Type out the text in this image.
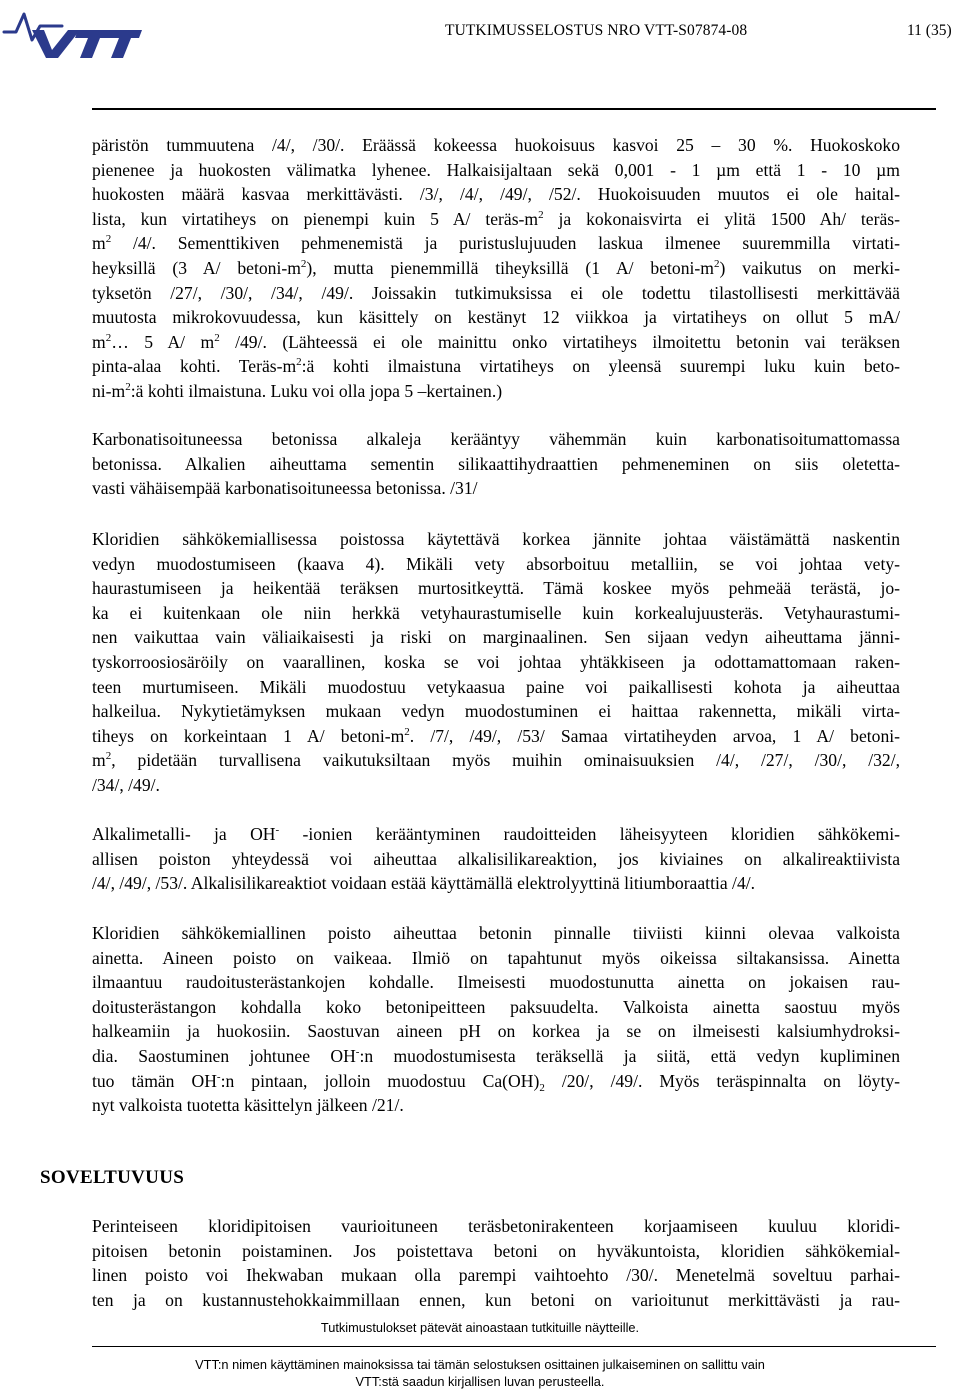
TUTKIMUSSELOSTUS NRO VTT-S07874-08	11 (35)
päristön tummuutena /4/, /30/. Eräässä kokeessa huokoisuus kasvoi 25 – 30 %. Huokoskoko
pienenee ja huokosten välimatka lyhenee. Halkaisijaltaan sekä 0,001 - 1 µm että 1 - 10 µm
huokosten määrä kasvaa merkittävästi. /3/, /4/, /49/, /52/. Huokoisuuden muutos ei ole haital-
lista, kun virtatiheys on pienempi kuin 5 A/ teräs-$m^2$ ja kokonaisvirta ei ylitä 1500 Ah/ teräs-
$m^2$ /4/. Sementtikiven pehmenemistä ja puristuslujuuden laskua ilmenee suuremmilla virtati-
heyksillä (3 A/ betoni-$m^2$), mutta pienemmillä tiheyksillä (1 A/ betoni-$m^2$) vaikutus on merki-
tyksetön /27/, /30/, /34/, /49/. Joissakin tutkimuksissa ei ole todettu tilastollisesti merkittävää
muutosta mikrokovuudessa, kun käsittely on kestänyt 12 viikkoa ja virtatiheys on ollut 5 mA/
$m^2\dots$ 5 A/ $m^2$ /49/. (Lähteessä ei ole mainittu onko virtatiheys ilmoitettu betonin vai teräksen
pinta-alaa kohti. Teräs-$m^2:ä$ kohti ilmaistuna virtatiheys on yleensä suurempi luku kuin beto-
$ni-m^2:ä$ kohti ilmaistuna. Luku voi olla jopa 5 –kertainen.)
Karbonatisoituneessa betonissa alkaleja kerääntyy vähemmän kuin karbonatisoitumattomassa
betonissa. Alkalien aiheuttama sementin silikaattihydraattien pehmeneminen on siis oletetta-
vasti vähäisempää karbonatisoituneessa betonissa. /31/
Kloridien sähkökemiallisessa poistossa käytettävä korkea jännite johtaa väistämättä naskentin
vedyn muodostumiseen (kaava 4). Mikäli vety absorboituu metalliin, se voi johtaa vety-
haurastumiseen ja heikentää teräksen murtositkeyttä. Tämä koskee myös pehmeää terästä, jo-
ka ei kuitenkaan ole niin herkkä vetyhaurastumiselle kuin korkealujuusteräs. Vetyhaurastumi-
nen vaikuttaa vain väliaikaisesti ja riski on marginaalinen. Sen sijaan vedyn aiheuttama jänni-
tyskorroosiosäröily on vaarallinen, koska se voi johtaa yhtäkkiseen ja odottamattomaan raken-
teen murtumiseen. Mikäli muodostuu vetykaasua paine voi paikallisesti kohota ja aiheuttaa
halkeilua. Nykytietämyksen mukaan vedyn muodostuminen ei haittaa rakennetta, mikäli virta-
tiheys on korkeintaan 1 A/ betoni-$m^2$. /7/, /49/, /53/ Samaa virtatiheyden arvoa, 1 A/ betoni-
$m^2$, pidetään turvallisena vaikutuksiltaan myös muihin ominaisuuksien /4/, /27/, /30/, /32/,
/34/, /49/.
Alkalimetalli- ja OH- -ionien kerääntyminen raudoitteiden läheisyyteen kloridien sähkökemi-
allisen poiston yhteydessä voi aiheuttaa alkalisilikareaktion, jos kiviaines on alkalireaktiivista
/4/, /49/, /53/. Alkalisilikareaktiot voidaan estää käyttämällä elektrolyyttinä litiumboraattia /4/.
Kloridien sähkökemiallinen poisto aiheuttaa betonin pinnalle tiiviisti kiinni olevaa valkoista
ainetta. Aineen poisto on vaikeaa. Ilmiö on tapahtunut myös oikeissa siltakansissa. Ainetta
ilmaantuu raudoitusterästankojen kohdalle. Ilmeisesti muodostunutta ainetta on jokaisen rau-
doitusterästangon kohdalla koko betonipeitteen paksuudelta. Valkoista ainetta saostuu myös
halkeamiin ja huokosiin. Saostuvan aineen pH on korkea ja se on ilmeisesti kalsiumhydroksi-
dia. Saostuminen johtunee OH-:n muodostumisesta teräksellä ja siitä, että vedyn kupliminen
tuo tämän OH-:n pintaan, jolloin muodostuu $Ca(OH)_2$ /20/, /49/. Myös teräspinnalta on löyty-
nyt valkoista tuotetta käsittelyn jälkeen /21/.
SOVELTUVUUS
Perinteiseen kloridipitoisen vaurioituneen teräsbetonirakenteen korjaamiseen kuuluu kloridi-
pitoisen betonin poistaminen. Jos poistettava betoni on hyväkuntoista, kloridien sähkökemial-
linen poisto voi Ihekwaban mukaan olla parempi vaihtoehto /30/. Menetelmä soveltuu parhai-
ten ja on kustannustehokkaimmillaan ennen, kun betoni on varioitunut merkittävästi ja rau-
Tutkimustulokset pätevät ainoastaan tutkituille näytteille.
VTT:n nimen käyttäminen mainoksissa tai tämän selostuksen osittainen julkaiseminen on sallittu vain
VTT:stä saadun kirjallisen luvan perusteella.
